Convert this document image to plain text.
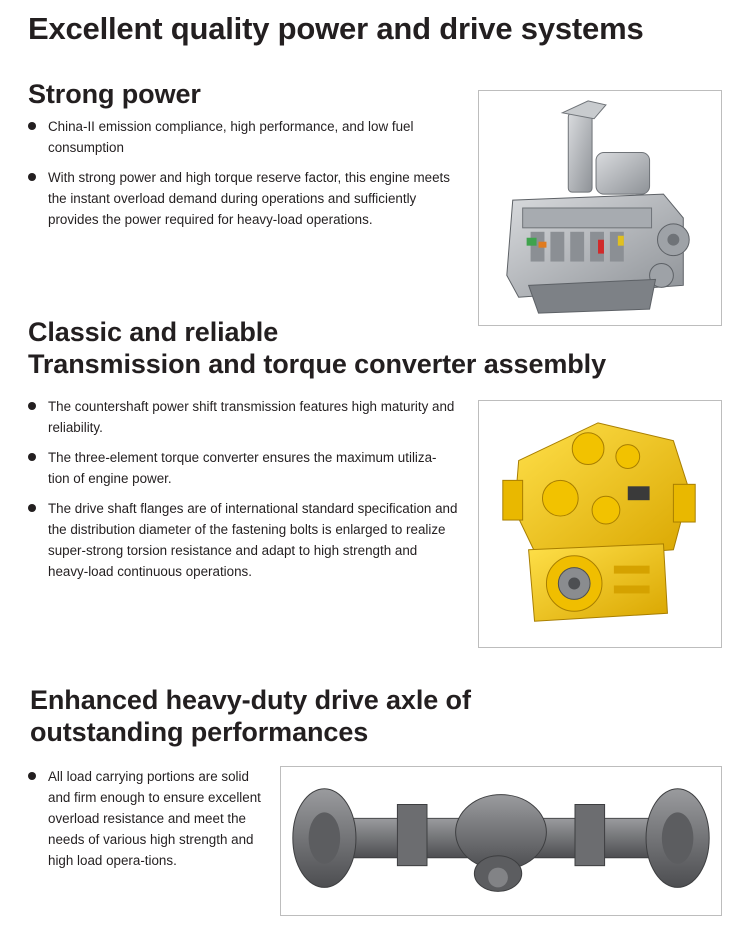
Excellent quality power and drive systems
Strong power
China-II emission compliance, high performance, and low fuel consumption
With strong power and high torque reserve factor, this engine meets the instant overload demand during operations and sufficiently provides the power required for heavy-load operations.
Classic and reliable
Transmission and torque converter assembly
The countershaft power shift transmission features high maturity and reliability.
The three-element torque converter ensures the maximum utiliza-tion of engine power.
The drive shaft flanges are of international standard specification and the distribution diameter of the fastening bolts is enlarged to realize super-strong torsion resistance and adapt to high strength and heavy-load continuous operations.
Enhanced heavy-duty drive axle of
outstanding performances
All load carrying portions are solid and firm enough to ensure excellent overload resistance and meet the needs of various high strength and high load opera-tions.
